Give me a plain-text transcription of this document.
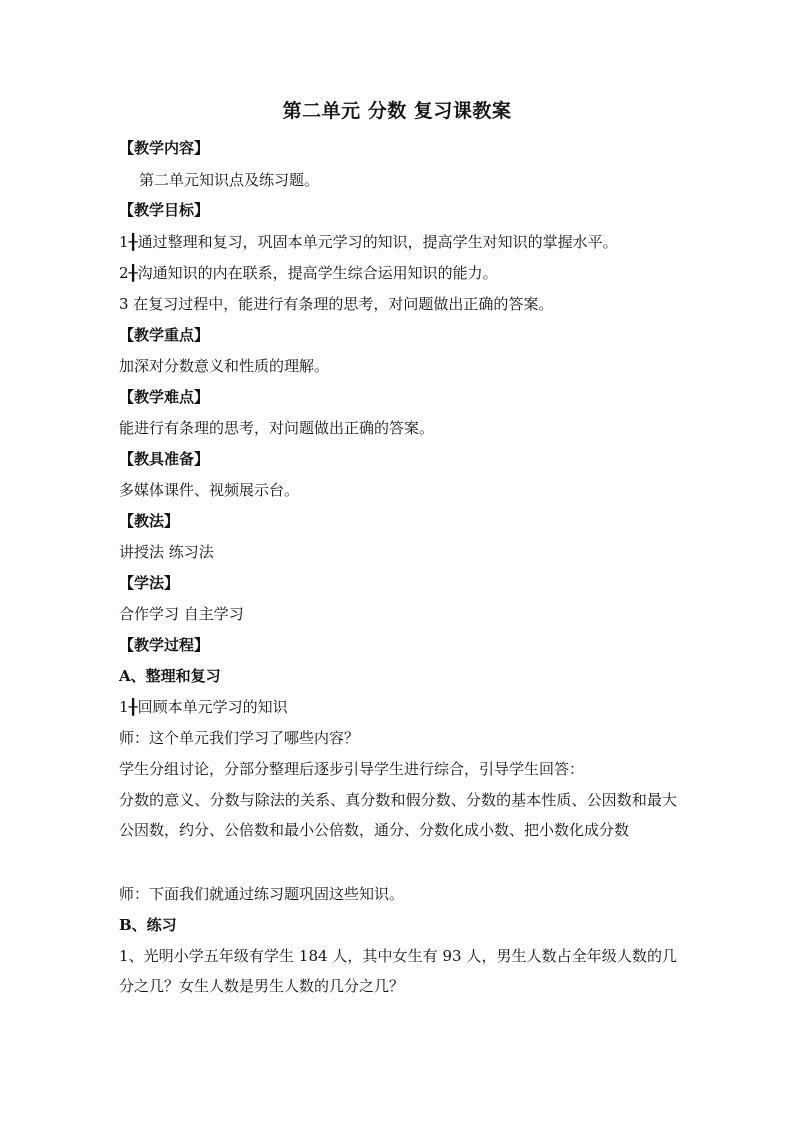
第二单元 分数 复习课教案
【教学内容】
第二单元知识点及练习题。
【教学目标】
1╂通过整理和复习，巩固本单元学习的知识，提高学生对知识的掌握水平。
2╂沟通知识的内在联系，提高学生综合运用知识的能力。
3 在复习过程中，能进行有条理的思考，对问题做出正确的答案。
【教学重点】
加深对分数意义和性质的理解。
【教学难点】
能进行有条理的思考，对问题做出正确的答案。
【教具准备】
多媒体课件、视频展示台。
【教法】
讲授法 练习法
【学法】
合作学习 自主学习
【教学过程】
A、整理和复习
1╂回顾本单元学习的知识
师：这个单元我们学习了哪些内容？
学生分组讨论，分部分整理后逐步引导学生进行综合，引导学生回答：
分数的意义、分数与除法的关系、真分数和假分数、分数的基本性质、公因数和最大公因数，约分、公倍数和最小公倍数，通分、分数化成小数、把小数化成分数
师：下面我们就通过练习题巩固这些知识。
B、练习
1、光明小学五年级有学生 184 人，其中女生有 93 人，男生人数占全年级人数的几分之几？女生人数是男生人数的几分之几？
